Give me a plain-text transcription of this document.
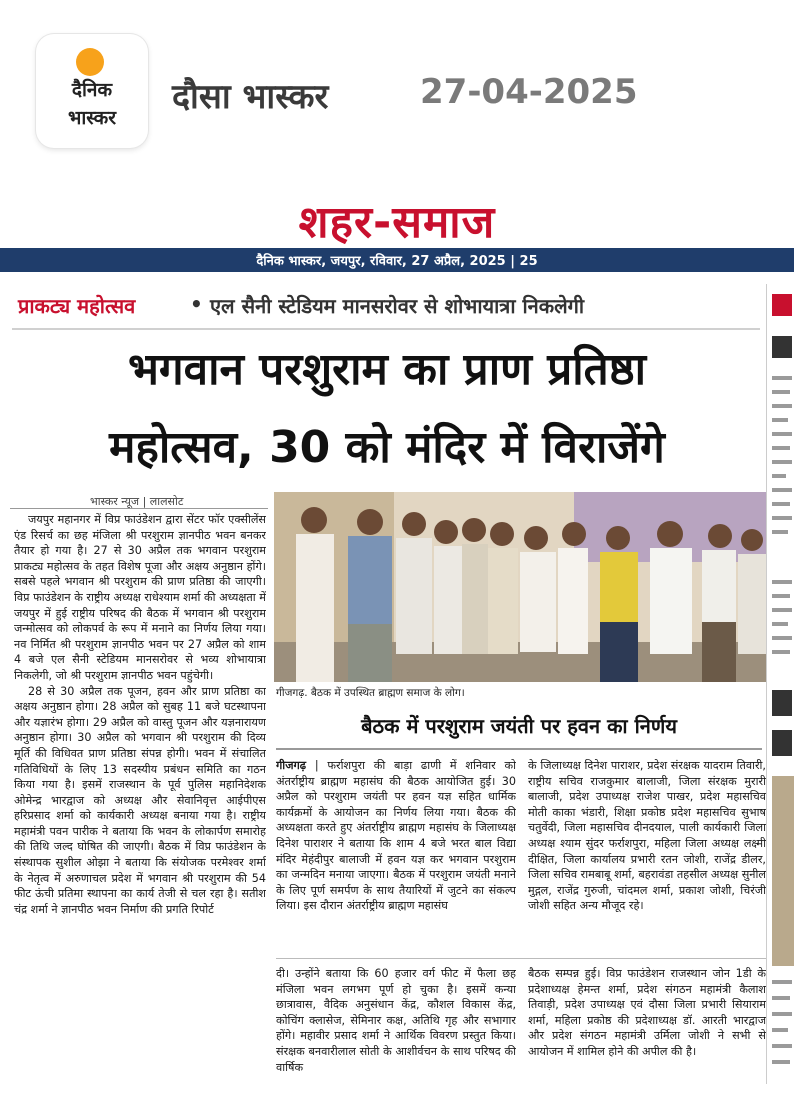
दैनिक
भास्कर
दौसा भास्कर	27-04-2025
शहर-समाज
दैनिक भास्कर, जयपुर, रविवार, 27 अप्रैल, 2025 | 25
प्राकट्य महोत्सव	• एल सैनी स्टेडियम मानसरोवर से शोभायात्रा निकलेगी
भगवान परशुराम का प्राण प्रतिष्ठा
महोत्सव, 30 को मंदिर में विराजेंगे
भास्कर न्यूज | लालसोट

जयपुर महानगर में विप्र फाउंडेशन द्वारा सेंटर फॉर एक्सीलेंस एंड रिसर्च का छह मंजिला श्री परशुराम ज्ञानपीठ भवन बनकर तैयार हो गया है। 27 से 30 अप्रैल तक भगवान परशुराम प्राकट्य महोत्सव के तहत विशेष पूजा और अक्षय अनुष्ठान होंगे। सबसे पहले भगवान श्री परशुराम की प्राण प्रतिष्ठा की जाएगी। विप्र फाउंडेशन के राष्ट्रीय अध्यक्ष राधेश्याम शर्मा की अध्यक्षता में जयपुर में हुई राष्ट्रीय परिषद की बैठक में भगवान श्री परशुराम जन्मोत्सव को लोकपर्व के रूप में मनाने का निर्णय लिया गया। नव निर्मित श्री परशुराम ज्ञानपीठ भवन पर 27 अप्रैल को शाम 4 बजे एल सैनी स्टेडियम मानसरोवर से भव्य शोभायात्रा निकलेगी, जो श्री परशुराम ज्ञानपीठ भवन पहुंचेगी।

28 से 30 अप्रैल तक पूजन, हवन और प्राण प्रतिष्ठा का अक्षय अनुष्ठान होगा। 28 अप्रैल को सुबह 11 बजे घटस्थापना और यज्ञारंभ होगा। 29 अप्रैल को वास्तु पूजन और यज्ञनारायण अनुष्ठान होगा। 30 अप्रैल को भगवान श्री परशुराम की दिव्य मूर्ति की विधिवत प्राण प्रतिष्ठा संपन्न होगी। भवन में संचालित गतिविधियों के लिए 13 सदस्यीय प्रबंधन समिति का गठन किया गया है। इसमें राजस्थान के पूर्व पुलिस महानिदेशक ओमेन्द्र भारद्वाज को अध्यक्ष और सेवानिवृत्त आईपीएस हरिप्रसाद शर्मा को कार्यकारी अध्यक्ष बनाया गया है। राष्ट्रीय महामंत्री पवन पारीक ने बताया कि भवन के लोकार्पण समारोह की तिथि जल्द घोषित की जाएगी। बैठक में विप्र फाउंडेशन के संस्थापक सुशील ओझा ने बताया कि संयोजक परमेश्वर शर्मा के नेतृत्व में अरुणाचल प्रदेश में भगवान श्री परशुराम की 54 फीट ऊंची प्रतिमा स्थापना का कार्य तेजी से चल रहा है। सतीश चंद्र शर्मा ने ज्ञानपीठ भवन निर्माण की प्रगति रिपोर्ट

गीजगढ़. बैठक में उपस्थित ब्राह्मण समाज के लोग।
बैठक में परशुराम जयंती पर हवन का निर्णय
गीजगढ़ | फर्राशपुरा की बाड़ा ढाणी में शनिवार को अंतर्राष्ट्रीय ब्राह्मण महासंघ की बैठक आयोजित हुई। 30 अप्रैल को परशुराम जयंती पर हवन यज्ञ सहित धार्मिक कार्यक्रमों के आयोजन का निर्णय लिया गया। बैठक की अध्यक्षता करते हुए अंतर्राष्ट्रीय ब्राह्मण महासंघ के जिलाध्यक्ष दिनेश पाराशर ने बताया कि शाम 4 बजे भरत बाल विद्या मंदिर मेहंदीपुर बालाजी में हवन यज्ञ कर भगवान परशुराम का जन्मदिन मनाया जाएगा। बैठक में परशुराम जयंती मनाने के लिए पूर्ण समर्पण के साथ तैयारियों में जुटने का संकल्प लिया। इस दौरान अंतर्राष्ट्रीय ब्राह्मण महासंघ
के जिलाध्यक्ष दिनेश पाराशर, प्रदेश संरक्षक यादराम तिवारी, राष्ट्रीय सचिव राजकुमार बालाजी, जिला संरक्षक मुरारी बालाजी, प्रदेश उपाध्यक्ष राजेश पाखर, प्रदेश महासचिव मोती काका भंडारी, शिक्षा प्रकोष्ठ प्रदेश महासचिव सुभाष चतुर्वेदी, जिला महासचिव दीनदयाल, पाली कार्यकारी जिला अध्यक्ष श्याम सुंदर फर्राशपुरा, महिला जिला अध्यक्ष लक्ष्मी दीक्षित, जिला कार्यालय प्रभारी रतन जोशी, राजेंद्र डीलर, जिला सचिव रामबाबू शर्मा, बहरावंडा तहसील अध्यक्ष सुनील मुद्गल, राजेंद्र गुरुजी, चांदमल शर्मा, प्रकाश जोशी, चिरंजी जोशी सहित अन्य मौजूद रहे।
दी। उन्होंने बताया कि 60 हजार वर्ग फीट में फैला छह मंजिला भवन लगभग पूर्ण हो चुका है। इसमें कन्या छात्रावास, वैदिक अनुसंधान केंद्र, कौशल विकास केंद्र, कोचिंग क्लासेज, सेमिनार कक्ष, अतिथि गृह और सभागार होंगे। महावीर प्रसाद शर्मा ने आर्थिक विवरण प्रस्तुत किया। संरक्षक बनवारीलाल सोती के आशीर्वचन के साथ परिषद की वार्षिक
बैठक सम्पन्न हुई। विप्र फाउंडेशन राजस्थान जोन 1डी के प्रदेशाध्यक्ष हेमन्त शर्मा, प्रदेश संगठन महामंत्री कैलाश तिवाड़ी, प्रदेश उपाध्यक्ष एवं दौसा जिला प्रभारी सियाराम शर्मा, महिला प्रकोष्ठ की प्रदेशाध्यक्ष डॉ. आरती भारद्वाज और प्रदेश संगठन महामंत्री उर्मिला जोशी ने सभी से आयोजन में शामिल होने की अपील की है।
